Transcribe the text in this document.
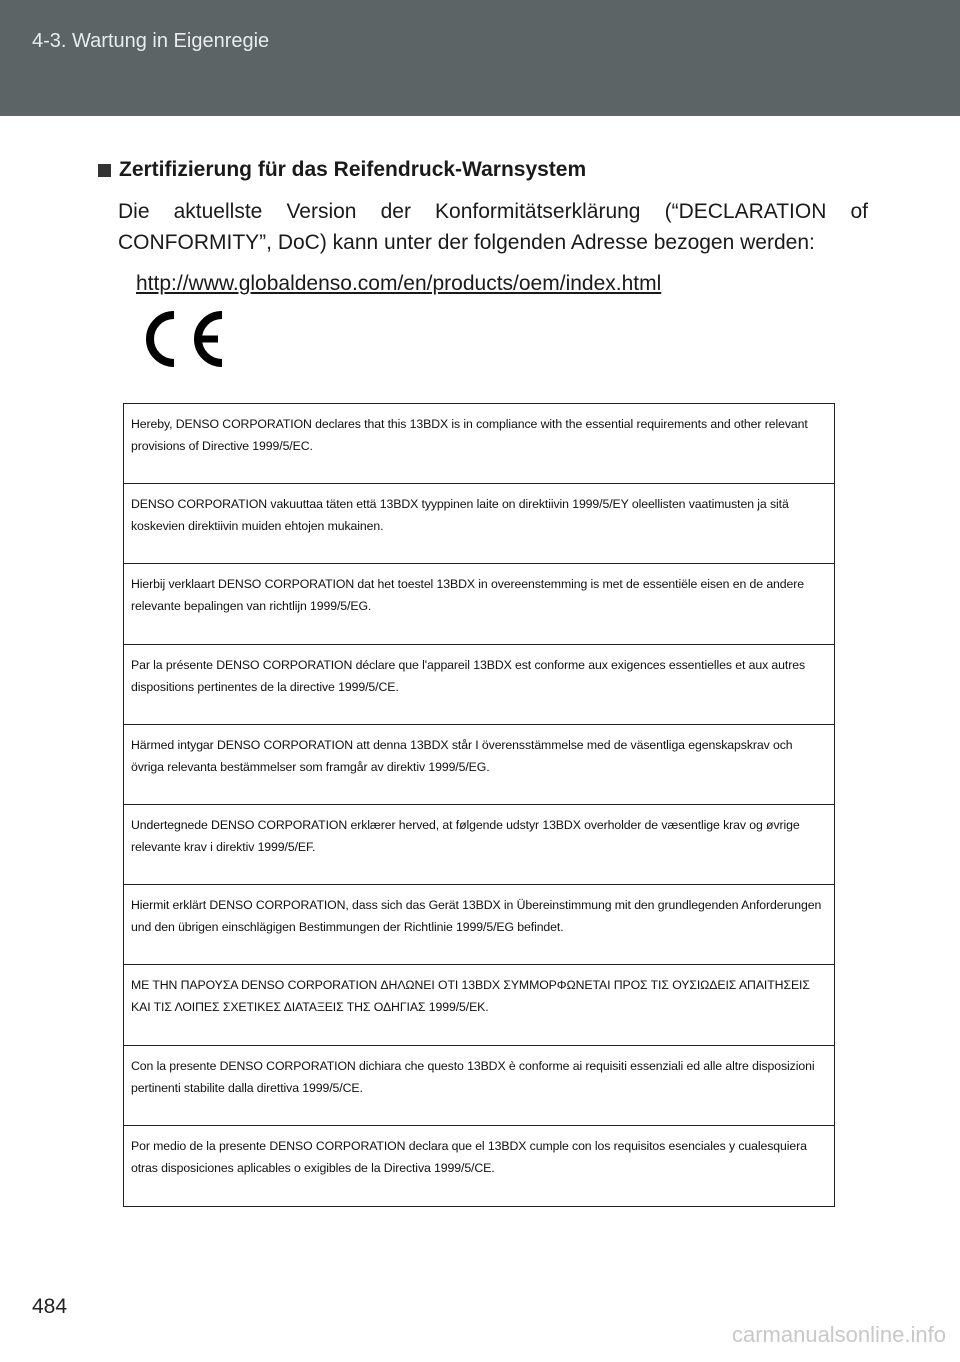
4-3. Wartung in Eigenregie
Zertifizierung für das Reifendruck-Warnsystem
Die aktuellste Version der Konformitätserklärung (“DECLARATION of CONFORMITY”, DoC) kann unter der folgenden Adresse bezogen werden:
http://www.globaldenso.com/en/products/oem/index.html
Hereby, DENSO CORPORATION declares that this 13BDX is in compliance with the essential requirements and other relevant provisions of Directive 1999/5/EC.
DENSO CORPORATION vakuuttaa täten että 13BDX tyyppinen laite on direktiivin 1999/5/EY oleellisten vaatimusten ja sitä koskevien direktiivin muiden ehtojen mukainen.
Hierbij verklaart DENSO CORPORATION dat het toestel 13BDX in overeenstemming is met de essentiële eisen en de andere relevante bepalingen van richtlijn 1999/5/EG.
Par la présente DENSO CORPORATION déclare que l'appareil 13BDX est conforme aux exigences essentielles et aux autres dispositions pertinentes de la directive 1999/5/CE.
Härmed intygar DENSO CORPORATION att denna 13BDX står I överensstämmelse med de väsentliga egenskapskrav och övriga relevanta bestämmelser som framgår av direktiv 1999/5/EG.
Undertegnede DENSO CORPORATION erklærer herved, at følgende udstyr 13BDX overholder de væsentlige krav og øvrige relevante krav i direktiv 1999/5/EF.
Hiermit erklärt DENSO CORPORATION, dass sich das Gerät 13BDX in Übereinstimmung mit den grundlegenden Anforderungen und den übrigen einschlägigen Bestimmungen der Richtlinie 1999/5/EG befindet.
ΜΕ ΤΗΝ ΠΑΡΟΥΣΑ DENSO CORPORATION ΔΗΛΩΝΕΙ ΟΤΙ 13BDX ΣΥΜΜΟΡΦΩΝΕΤΑΙ ΠΡΟΣ ΤΙΣ ΟΥΣΙΩΔΕΙΣ ΑΠΑΙΤΗΣΕΙΣ ΚΑΙ ΤΙΣ ΛΟΙΠΕΣ ΣΧΕΤΙΚΕΣ ΔΙΑΤΑΞΕΙΣ ΤΗΣ ΟΔΗΓΙΑΣ 1999/5/ΕΚ.
Con la presente DENSO CORPORATION dichiara che questo 13BDX è conforme ai requisiti essenziali ed alle altre disposizioni pertinenti stabilite dalla direttiva 1999/5/CE.
Por medio de la presente DENSO CORPORATION declara que el 13BDX cumple con los requisitos esenciales y cualesquiera otras disposiciones aplicables o exigibles de la Directiva 1999/5/CE.
484
carmanualsonline.info
